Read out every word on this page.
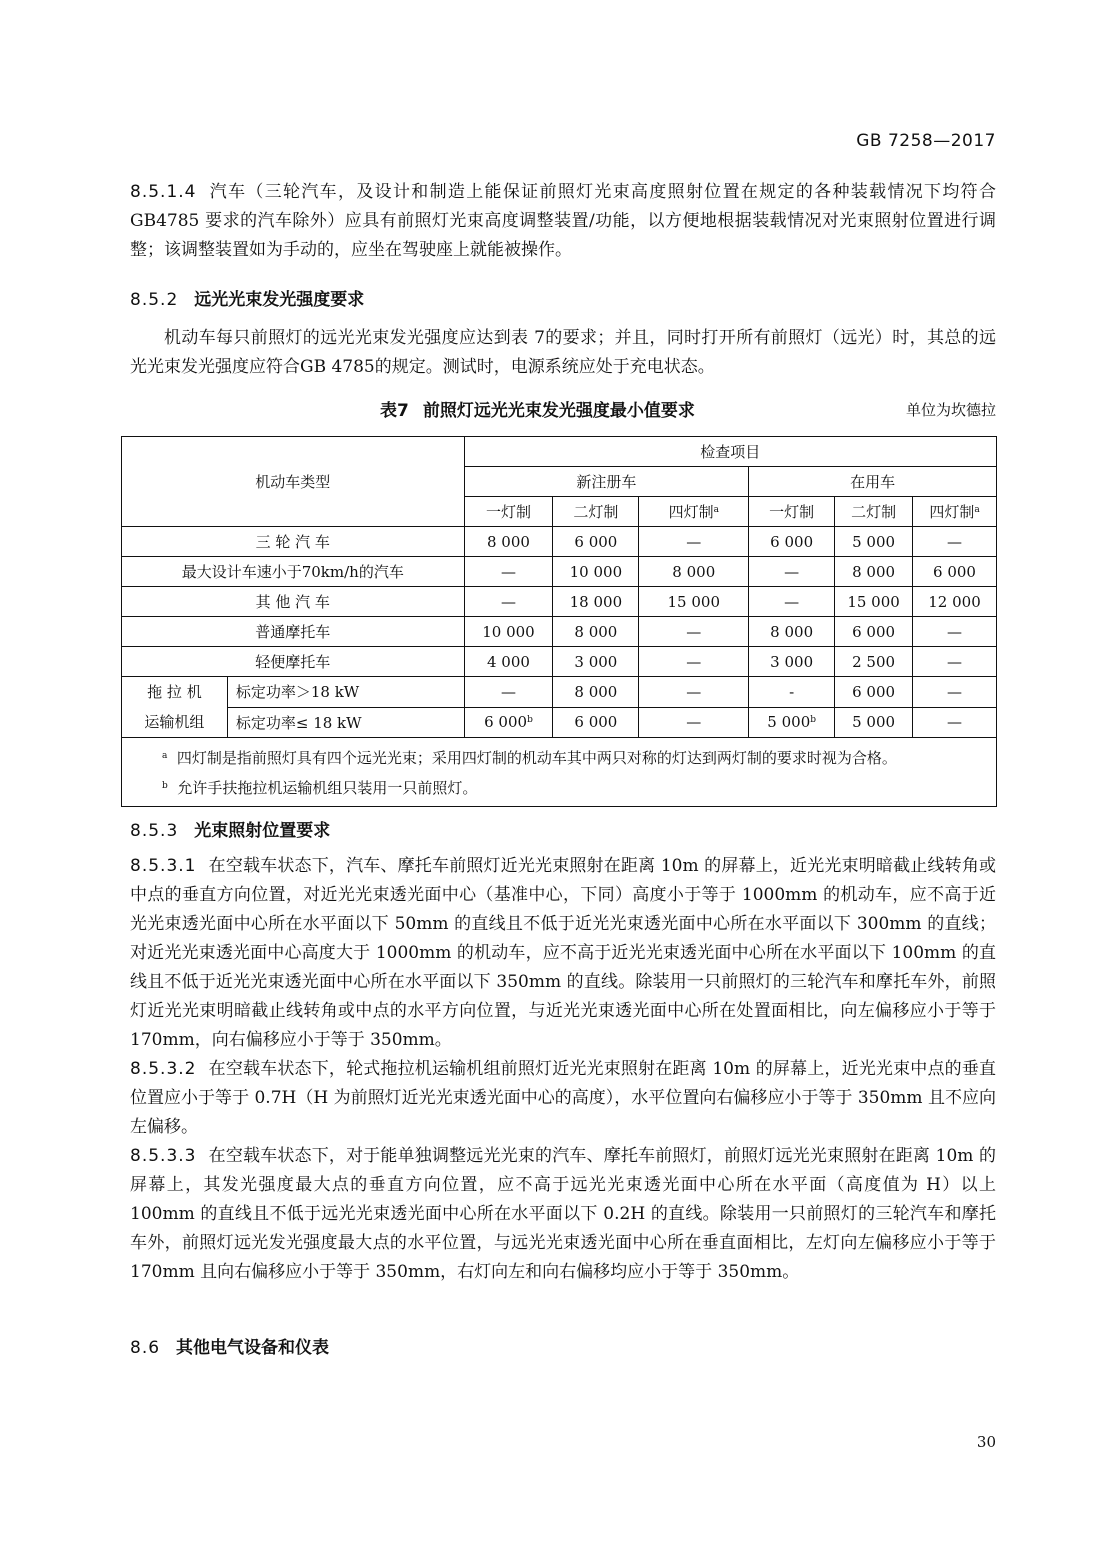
GB 7258—2017

8.5.1.4 汽车（三轮汽车，及设计和制造上能保证前照灯光束高度照射位置在规定的各种装载情况下均符合 GB4785 要求的汽车除外）应具有前照灯光束高度调整装置/功能，以方便地根据装载情况对光束照射位置进行调整；该调整装置如为手动的，应坐在驾驶座上就能被操作。

8.5.2 远光光束发光强度要求

机动车每只前照灯的远光光束发光强度应达到表 7的要求；并且，同时打开所有前照灯（远光）时，其总的远光光束发光强度应符合GB 4785的规定。测试时，电源系统应处于充电状态。

表7 前照灯远光光束发光强度最小值要求	单位为坎德拉
机动车类型		检查项目					
		新注册车			在用车		
		一灯制	二灯制	四灯制$^a$	一灯制	二灯制	四灯制$^a$
三 轮 汽 车		8 000	6 000	—	6 000	5 000	—
最大设计车速小于70km/h的汽车		—	10 000	8 000	—	8 000	6 000
其 他 汽 车		—	18 000	15 000	—	15 000	12 000
普通摩托车		10 000	8 000	—	8 000	6 000	—
轻便摩托车		4 000	3 000	—	3 000	2 500	—

拖 拉 机
运输机组	标定功率＞18 kW	—	8 000	—	-	6 000	—
	标定功率≤ 18 kW	6 000$^b$	6 000	—	5 000$^b$	5 000	—

$^a$ 四灯制是指前照灯具有四个远光光束；采用四灯制的机动车其中两只对称的灯达到两灯制的要求时视为合格。
$^b$ 允许手扶拖拉机运输机组只装用一只前照灯。							
8.5.3 光束照射位置要求

8.5.3.1 在空载车状态下，汽车、摩托车前照灯近光光束照射在距离 10m 的屏幕上，近光光束明暗截止线转角或中点的垂直方向位置，对近光光束透光面中心（基准中心，下同）高度小于等于 1000mm 的机动车，应不高于近光光束透光面中心所在水平面以下 50mm 的直线且不低于近光光束透光面中心所在水平面以下 300mm 的直线；对近光光束透光面中心高度大于 1000mm 的机动车，应不高于近光光束透光面中心所在水平面以下 100mm 的直线且不低于近光光束透光面中心所在水平面以下 350mm 的直线。除装用一只前照灯的三轮汽车和摩托车外，前照灯近光光束明暗截止线转角或中点的水平方向位置，与近光光束透光面中心所在处置面相比，向左偏移应小于等于 170mm，向右偏移应小于等于 350mm。

8.5.3.2 在空载车状态下，轮式拖拉机运输机组前照灯近光光束照射在距离 10m 的屏幕上，近光光束中点的垂直位置应小于等于 0.7H（H 为前照灯近光光束透光面中心的高度），水平位置向右偏移应小于等于 350mm 且不应向左偏移。

8.5.3.3 在空载车状态下，对于能单独调整远光光束的汽车、摩托车前照灯，前照灯远光光束照射在距离 10m 的屏幕上，其发光强度最大点的垂直方向位置，应不高于远光光束透光面中心所在水平面（高度值为 H）以上 100mm 的直线且不低于远光光束透光面中心所在水平面以下 0.2H 的直线。除装用一只前照灯的三轮汽车和摩托车外，前照灯远光发光强度最大点的水平位置，与远光光束透光面中心所在垂直面相比，左灯向左偏移应小于等于 170mm 且向右偏移应小于等于 350mm，右灯向左和向右偏移均应小于等于 350mm。

8.6 其他电气设备和仪表
30
